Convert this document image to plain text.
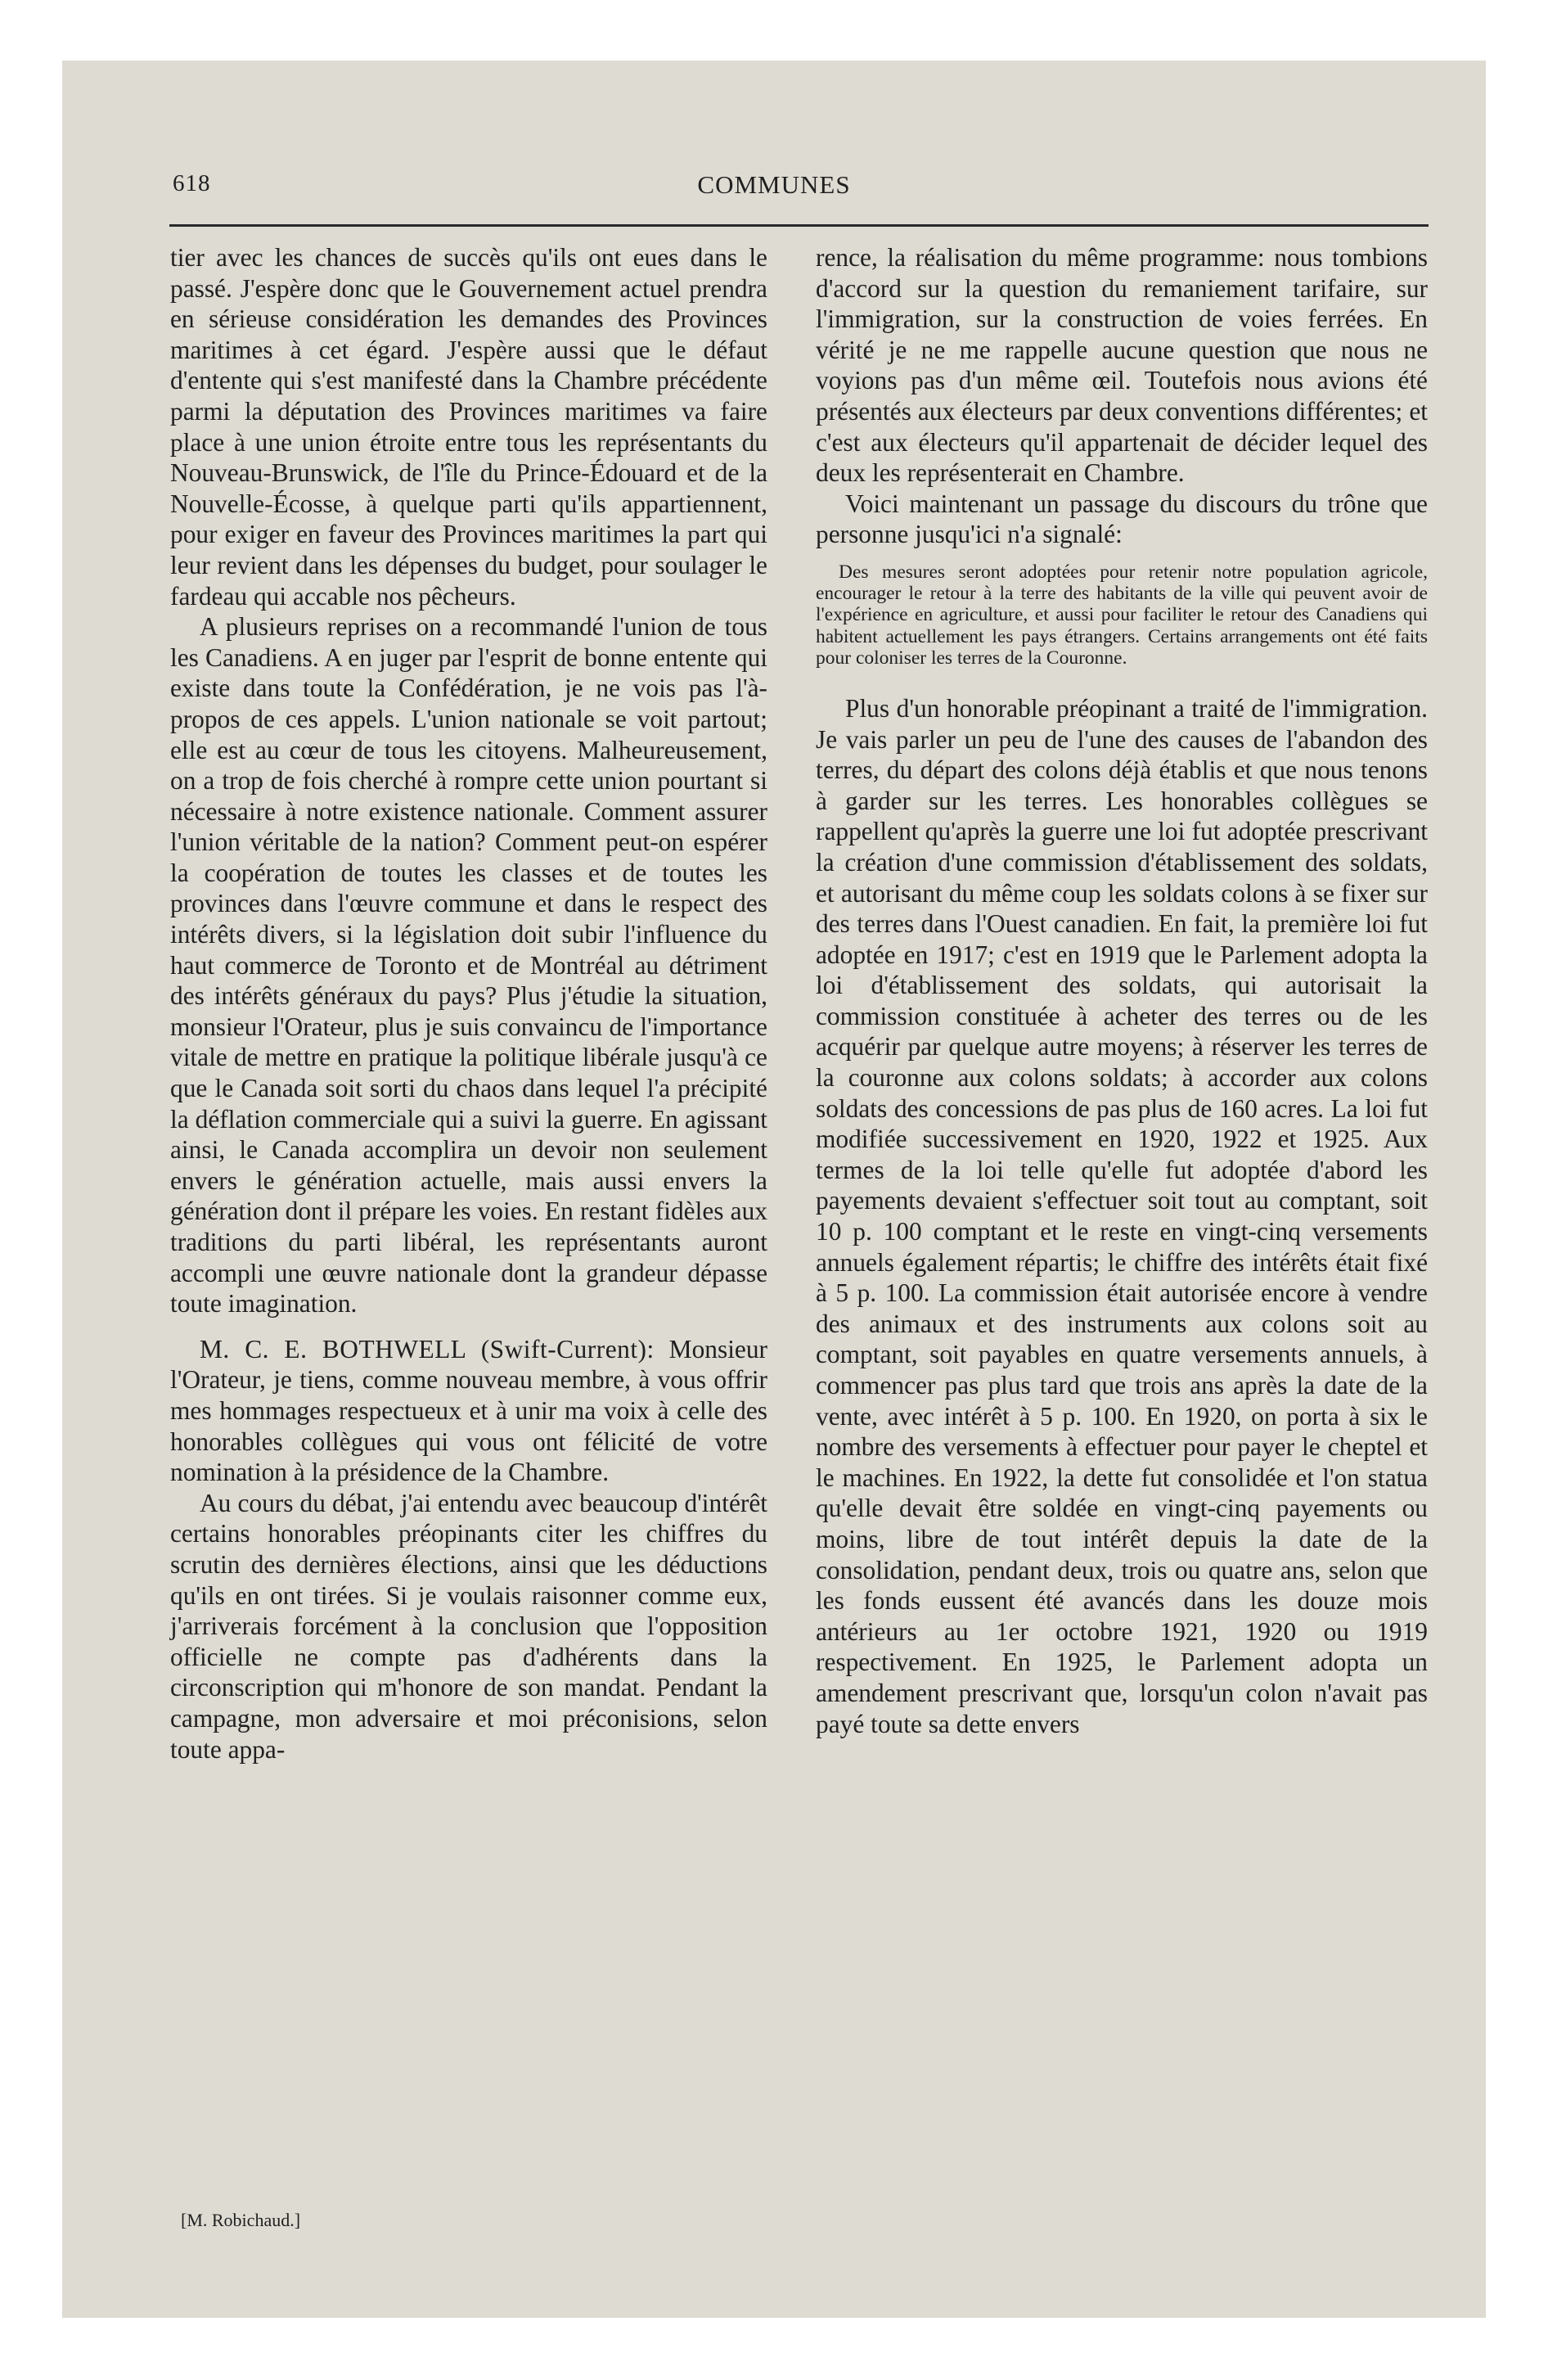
618	COMMUNES

tier avec les chances de succès qu'ils ont eues dans le passé. J'espère donc que le Gouvernement actuel prendra en sérieuse considération les demandes des Provinces maritimes à cet égard. J'espère aussi que le défaut d'entente qui s'est manifesté dans la Chambre précédente parmi la députation des Provinces maritimes va faire place à une union étroite entre tous les représentants du Nouveau-Brunswick, de l'île du Prince-Édouard et de la Nouvelle-Écosse, à quelque parti qu'ils appartiennent, pour exiger en faveur des Provinces maritimes la part qui leur revient dans les dépenses du budget, pour soulager le fardeau qui accable nos pêcheurs.

A plusieurs reprises on a recommandé l'union de tous les Canadiens. A en juger par l'esprit de bonne entente qui existe dans toute la Confédération, je ne vois pas l'à-propos de ces appels. L'union nationale se voit partout; elle est au cœur de tous les citoyens. Malheureusement, on a trop de fois cherché à rompre cette union pourtant si nécessaire à notre existence nationale. Comment assurer l'union véritable de la nation? Comment peut-on espérer la coopération de toutes les classes et de toutes les provinces dans l'œuvre commune et dans le respect des intérêts divers, si la législation doit subir l'influence du haut commerce de Toronto et de Montréal au détriment des intérêts généraux du pays? Plus j'étudie la situation, monsieur l'Orateur, plus je suis convaincu de l'importance vitale de mettre en pratique la politique libérale jusqu'à ce que le Canada soit sorti du chaos dans lequel l'a précipité la déflation commerciale qui a suivi la guerre. En agissant ainsi, le Canada accomplira un devoir non seulement envers le génération actuelle, mais aussi envers la génération dont il prépare les voies. En restant fidèles aux traditions du parti libéral, les représentants auront accompli une œuvre nationale dont la grandeur dépasse toute imagination.

M. C. E. BOTHWELL (Swift-Current): Monsieur l'Orateur, je tiens, comme nouveau membre, à vous offrir mes hommages respectueux et à unir ma voix à celle des honorables collègues qui vous ont félicité de votre nomination à la présidence de la Chambre.

Au cours du débat, j'ai entendu avec beaucoup d'intérêt certains honorables préopinants citer les chiffres du scrutin des dernières élections, ainsi que les déductions qu'ils en ont tirées. Si je voulais raisonner comme eux, j'arriverais forcément à la conclusion que l'opposition officielle ne compte pas d'adhérents dans la circonscription qui m'honore de son mandat. Pendant la campagne, mon adversaire et moi préconisions, selon toute appa-

rence, la réalisation du même programme: nous tombions d'accord sur la question du remaniement tarifaire, sur l'immigration, sur la construction de voies ferrées. En vérité je ne me rappelle aucune question que nous ne voyions pas d'un même œil. Toutefois nous avions été présentés aux électeurs par deux conventions différentes; et c'est aux électeurs qu'il appartenait de décider lequel des deux les représenterait en Chambre.

Voici maintenant un passage du discours du trône que personne jusqu'ici n'a signalé:

Des mesures seront adoptées pour retenir notre population agricole, encourager le retour à la terre des habitants de la ville qui peuvent avoir de l'expérience en agriculture, et aussi pour faciliter le retour des Canadiens qui habitent actuellement les pays étrangers. Certains arrangements ont été faits pour coloniser les terres de la Couronne.

Plus d'un honorable préopinant a traité de l'immigration. Je vais parler un peu de l'une des causes de l'abandon des terres, du départ des colons déjà établis et que nous tenons à garder sur les terres. Les honorables collègues se rappellent qu'après la guerre une loi fut adoptée prescrivant la création d'une commission d'établissement des soldats, et autorisant du même coup les soldats colons à se fixer sur des terres dans l'Ouest canadien. En fait, la première loi fut adoptée en 1917; c'est en 1919 que le Parlement adopta la loi d'établissement des soldats, qui autorisait la commission constituée à acheter des terres ou de les acquérir par quelque autre moyens; à réserver les terres de la couronne aux colons soldats; à accorder aux colons soldats des concessions de pas plus de 160 acres. La loi fut modifiée successivement en 1920, 1922 et 1925. Aux termes de la loi telle qu'elle fut adoptée d'abord les payements devaient s'effectuer soit tout au comptant, soit 10 p. 100 comptant et le reste en vingt-cinq versements annuels également répartis; le chiffre des intérêts était fixé à 5 p. 100. La commission était autorisée encore à vendre des animaux et des instruments aux colons soit au comptant, soit payables en quatre versements annuels, à commencer pas plus tard que trois ans après la date de la vente, avec intérêt à 5 p. 100. En 1920, on porta à six le nombre des versements à effectuer pour payer le cheptel et le machines. En 1922, la dette fut consolidée et l'on statua qu'elle devait être soldée en vingt-cinq payements ou moins, libre de tout intérêt depuis la date de la consolidation, pendant deux, trois ou quatre ans, selon que les fonds eussent été avancés dans les douze mois antérieurs au 1er octobre 1921, 1920 ou 1919 respectivement. En 1925, le Parlement adopta un amendement prescrivant que, lorsqu'un colon n'avait pas payé toute sa dette envers

[M. Robichaud.]
